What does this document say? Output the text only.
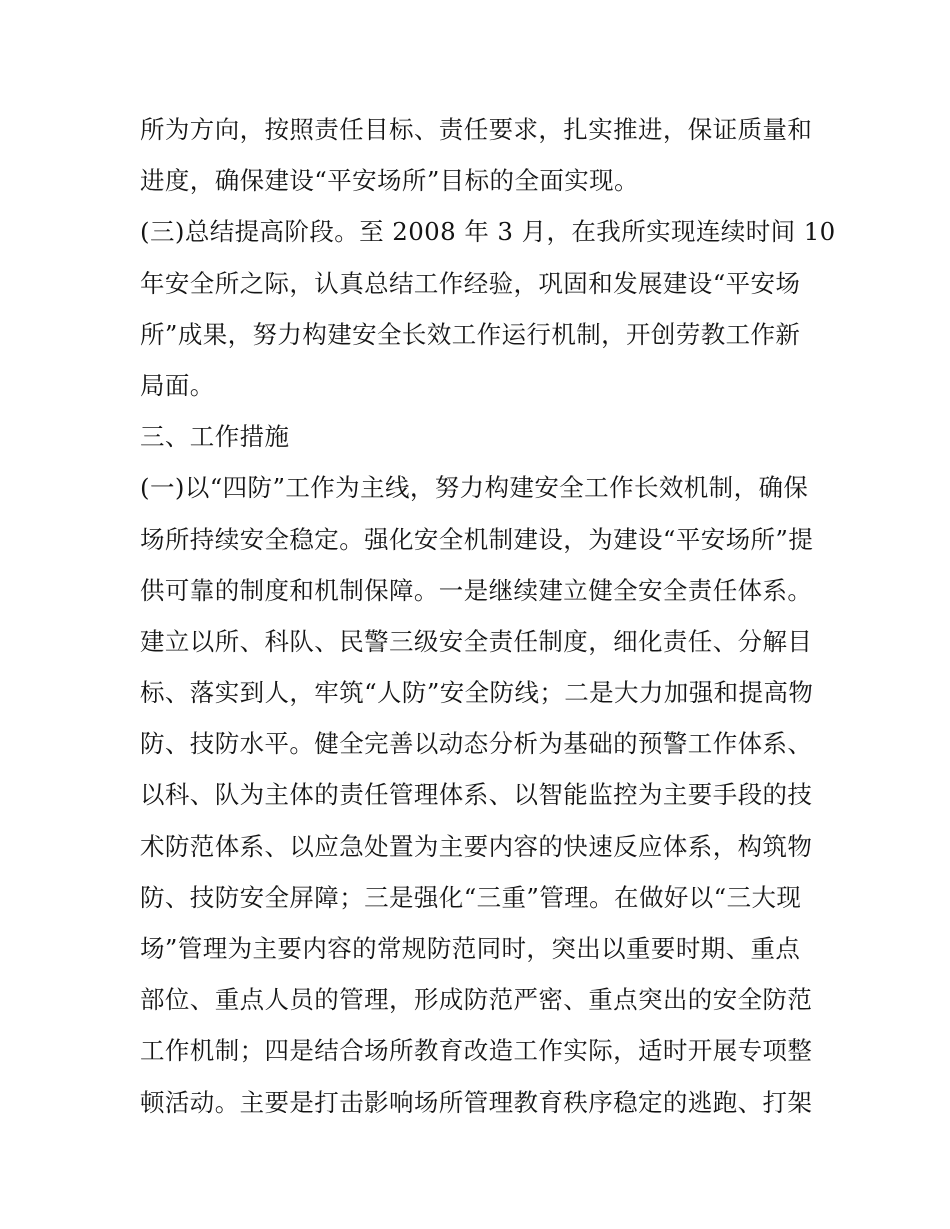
所为方向，按照责任目标、责任要求，扎实推进，保证质量和
进度，确保建设“平安场所”目标的全面实现。
(三)总结提高阶段。至 2008 年 3 月，在我所实现连续时间 10
年安全所之际，认真总结工作经验，巩固和发展建设“平安场
所”成果，努力构建安全长效工作运行机制，开创劳教工作新
局面。
三、工作措施
(一)以“四防”工作为主线，努力构建安全工作长效机制，确保
场所持续安全稳定。强化安全机制建设，为建设“平安场所”提
供可靠的制度和机制保障。一是继续建立健全安全责任体系。
建立以所、科队、民警三级安全责任制度，细化责任、分解目
标、落实到人，牢筑“人防”安全防线；二是大力加强和提高物
防、技防水平。健全完善以动态分析为基础的预警工作体系、
以科、队为主体的责任管理体系、以智能监控为主要手段的技
术防范体系、以应急处置为主要内容的快速反应体系，构筑物
防、技防安全屏障；三是强化“三重”管理。在做好以“三大现
场”管理为主要内容的常规防范同时，突出以重要时期、重点
部位、重点人员的管理，形成防范严密、重点突出的安全防范
工作机制；四是结合场所教育改造工作实际，适时开展专项整
顿活动。主要是打击影响场所管理教育秩序稳定的逃跑、打架
